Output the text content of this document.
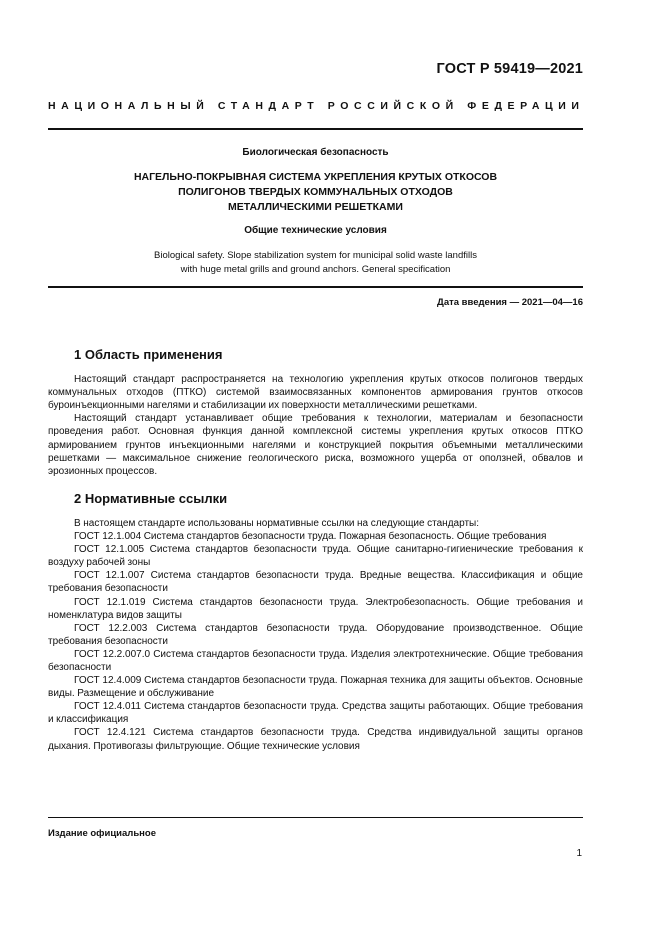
ГОСТ Р 59419—2021
НАЦИОНАЛЬНЫЙ СТАНДАРТ РОССИЙСКОЙ ФЕДЕРАЦИИ
Биологическая безопасность
НАГЕЛЬНО-ПОКРЫВНАЯ СИСТЕМА УКРЕПЛЕНИЯ КРУТЫХ ОТКОСОВ
ПОЛИГОНОВ ТВЕРДЫХ КОММУНАЛЬНЫХ ОТХОДОВ
МЕТАЛЛИЧЕСКИМИ РЕШЕТКАМИ
Общие технические условия
Biological safety. Slope stabilization system for municipal solid waste landfills
with huge metal grills and ground anchors. General specification
Дата введения — 2021—04—16
1 Область применения

Настоящий стандарт распространяется на технологию укрепления крутых откосов полигонов твердых коммунальных отходов (ПТКО) системой взаимосвязанных компонентов армирования грунтов откосов буроинъекционными нагелями и стабилизации их поверхности металлическими решетками.

Настоящий стандарт устанавливает общие требования к технологии, материалам и безопасности проведения работ. Основная функция данной комплексной системы укрепления крутых откосов ПТКО армированием грунтов инъекционными нагелями и конструкцией покрытия объемными металлическими решетками — максимальное снижение геологического риска, возможного ущерба от оползней, обвалов и эрозионных процессов.

2 Нормативные ссылки

В настоящем стандарте использованы нормативные ссылки на следующие стандарты:

ГОСТ 12.1.004 Система стандартов безопасности труда. Пожарная безопасность. Общие требования

ГОСТ 12.1.005 Система стандартов безопасности труда. Общие санитарно-гигиенические требования к воздуху рабочей зоны

ГОСТ 12.1.007 Система стандартов безопасности труда. Вредные вещества. Классификация и общие требования безопасности

ГОСТ 12.1.019 Система стандартов безопасности труда. Электробезопасность. Общие требования и номенклатура видов защиты

ГОСТ 12.2.003 Система стандартов безопасности труда. Оборудование производственное. Общие требования безопасности

ГОСТ 12.2.007.0 Система стандартов безопасности труда. Изделия электротехнические. Общие требования безопасности

ГОСТ 12.4.009 Система стандартов безопасности труда. Пожарная техника для защиты объектов. Основные виды. Размещение и обслуживание

ГОСТ 12.4.011 Система стандартов безопасности труда. Средства защиты работающих. Общие требования и классификация

ГОСТ 12.4.121 Система стандартов безопасности труда. Средства индивидуальной защиты органов дыхания. Противогазы фильтрующие. Общие технические условия

Издание официальное
1
